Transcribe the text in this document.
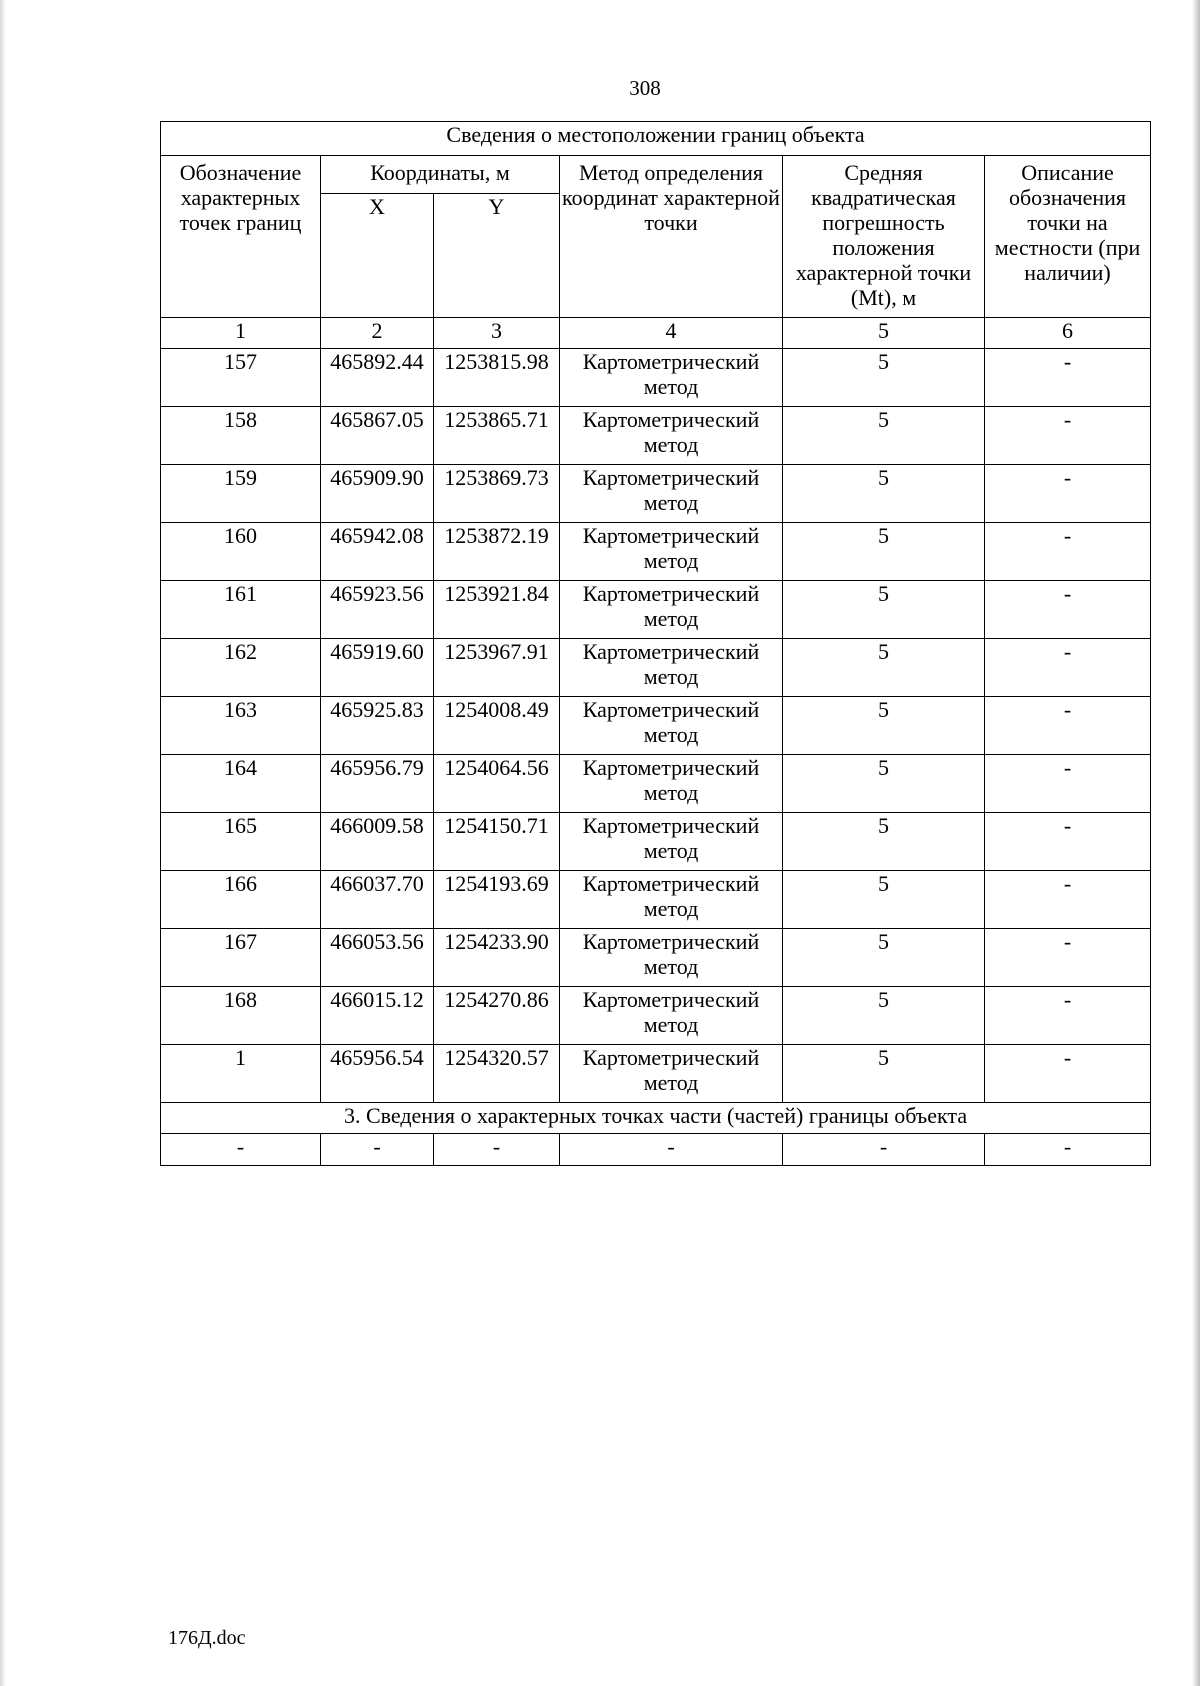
308
Сведения о местоположении границ объекта					
Обозначение характерных точек границ	Координаты, м		Метод определения координат характерной точки	Средняя квадратическая погрешность положения характерной точки (Mt), м	Описание обозначения точки на местности (при наличии)
	X	Y			
1	2	3	4	5	6
157	465892.44	1253815.98	Картометрический метод	5	-
158	465867.05	1253865.71	Картометрический метод	5	-
159	465909.90	1253869.73	Картометрический метод	5	-
160	465942.08	1253872.19	Картометрический метод	5	-
161	465923.56	1253921.84	Картометрический метод	5	-
162	465919.60	1253967.91	Картометрический метод	5	-
163	465925.83	1254008.49	Картометрический метод	5	-
164	465956.79	1254064.56	Картометрический метод	5	-
165	466009.58	1254150.71	Картометрический метод	5	-
166	466037.70	1254193.69	Картометрический метод	5	-
167	466053.56	1254233.90	Картометрический метод	5	-
168	466015.12	1254270.86	Картометрический метод	5	-
1	465956.54	1254320.57	Картометрический метод	5	-
3. Сведения о характерных точках части (частей) границы объекта					
-	-	-	-	-	-
176Д.doc
